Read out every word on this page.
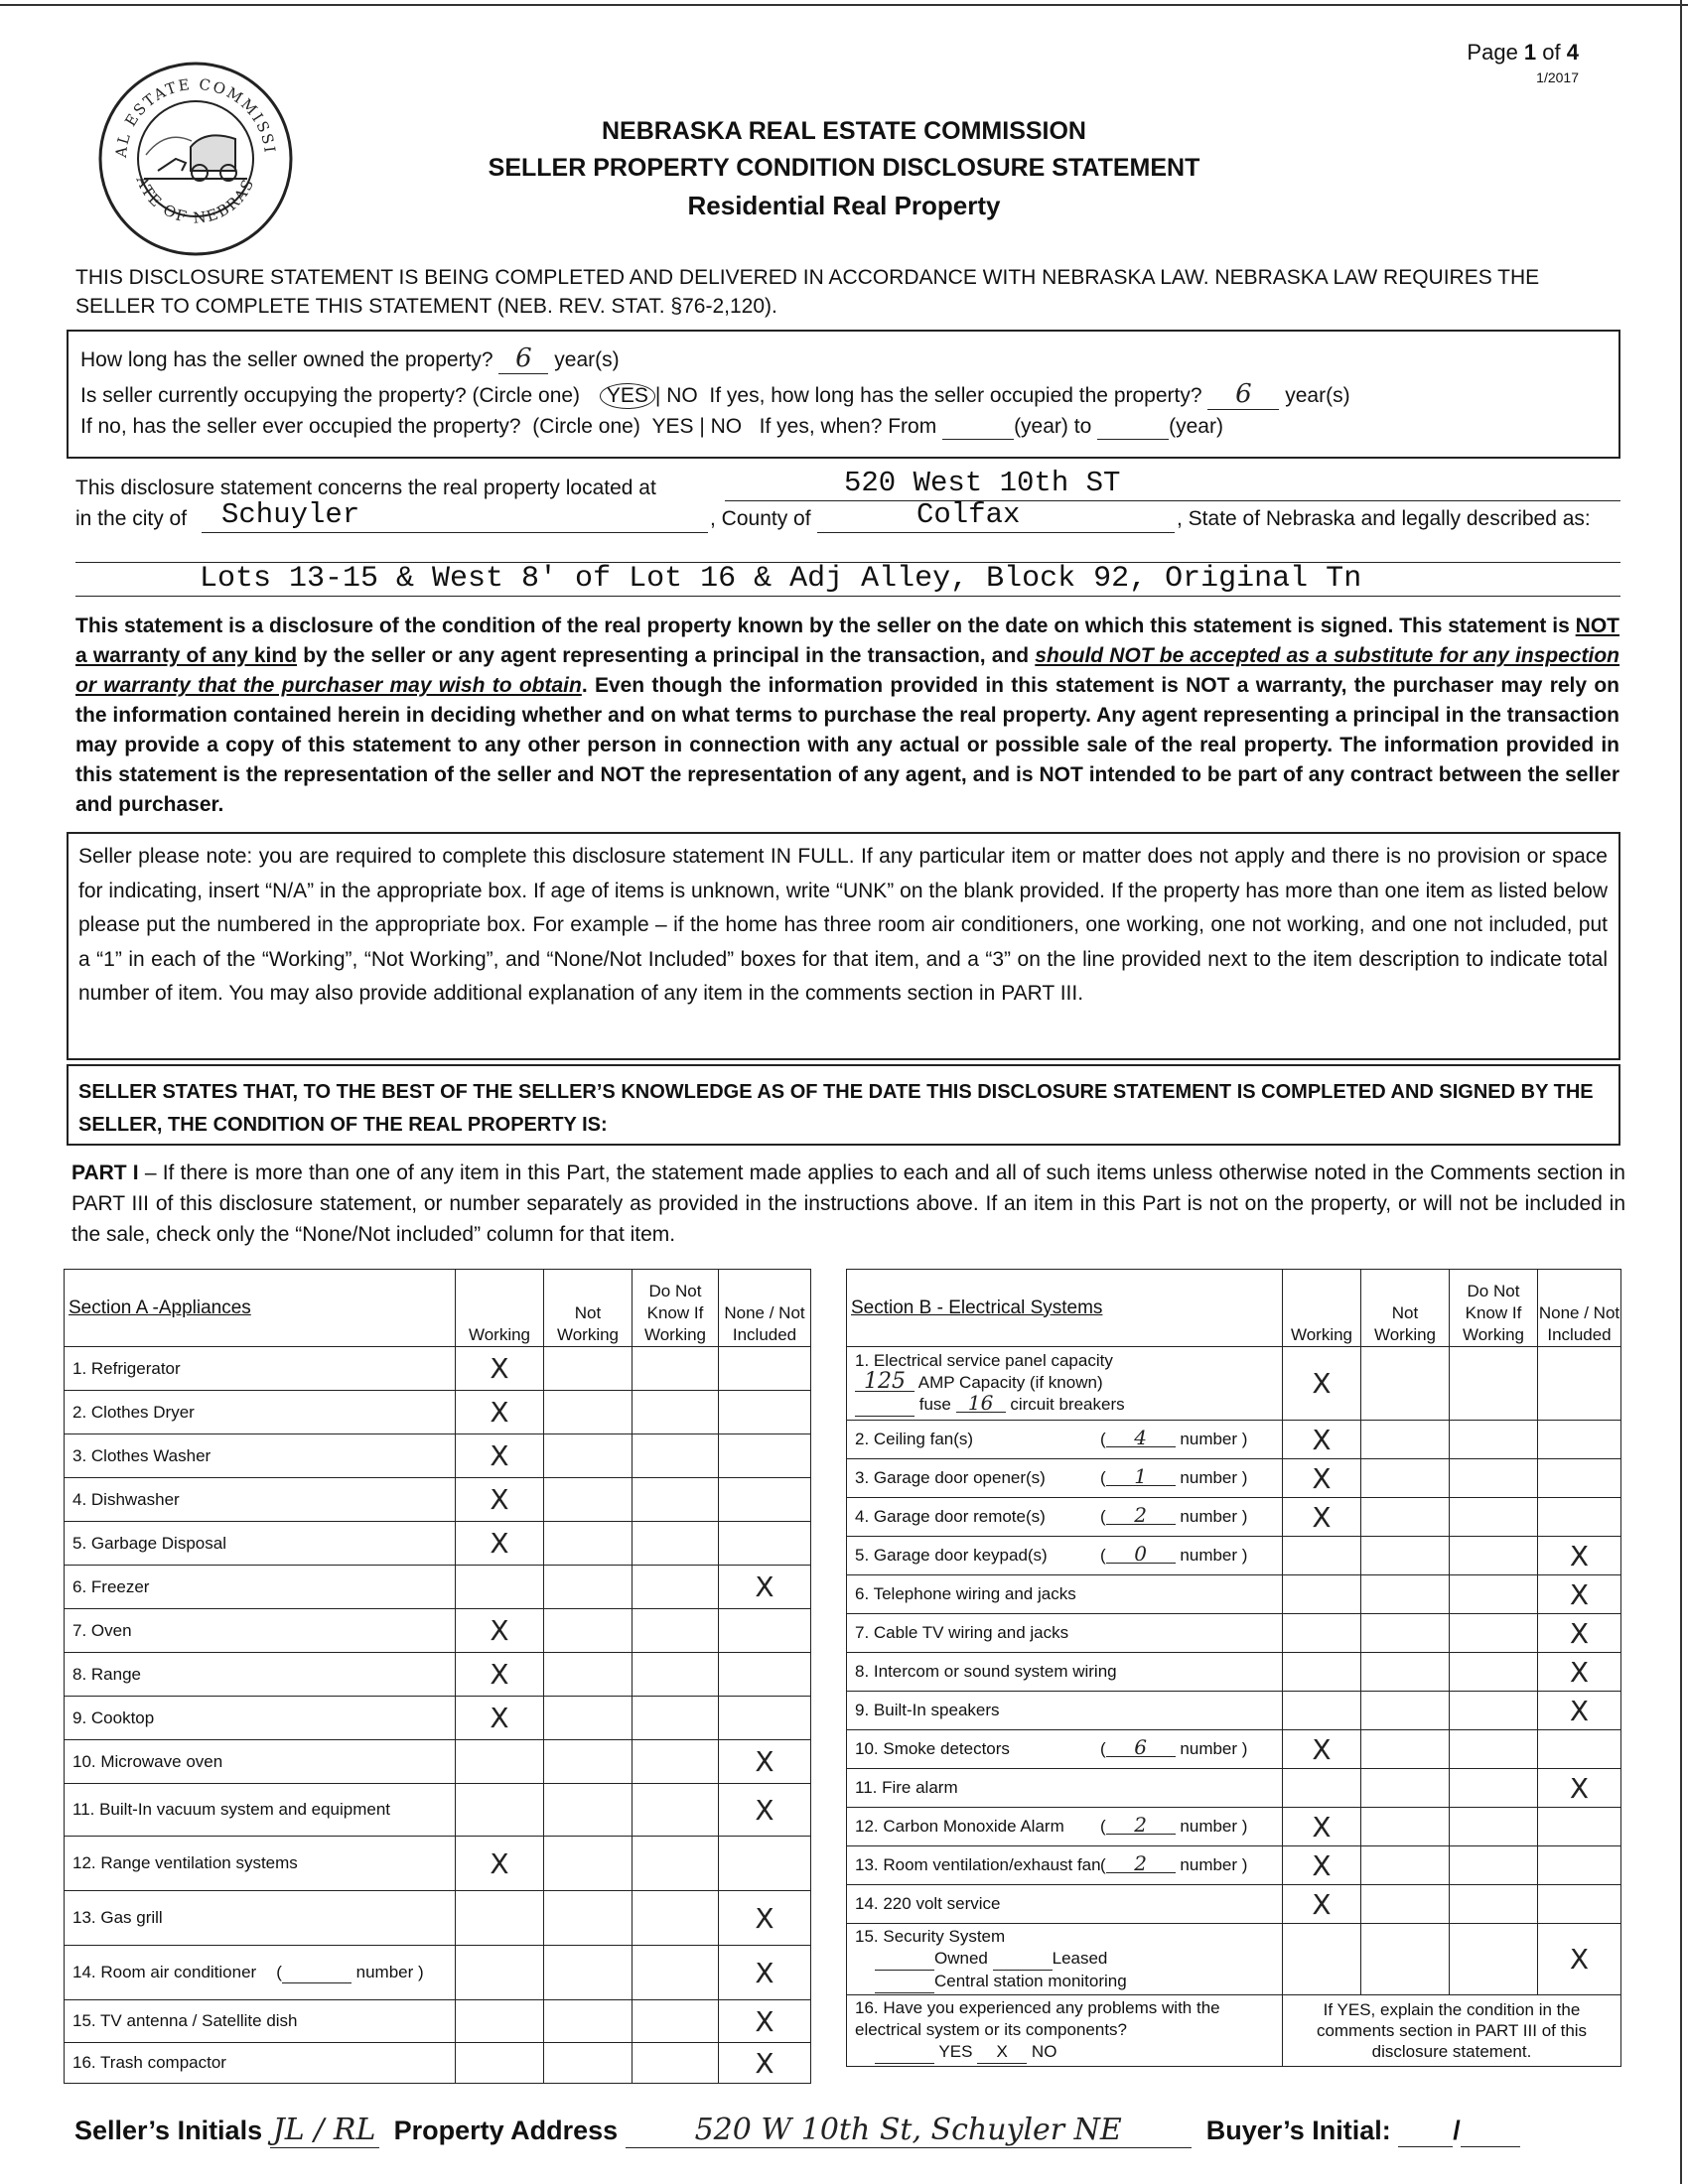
Page 1 of 4
1/2017
AL ESTATE COMMISSI
ATE OF NEBRAS
NEBRASKA REAL ESTATE COMMISSION
SELLER PROPERTY CONDITION DISCLOSURE STATEMENT
Residential Real Property
THIS DISCLOSURE STATEMENT IS BEING COMPLETED AND DELIVERED IN ACCORDANCE WITH NEBRASKA LAW. NEBRASKA LAW REQUIRES THE SELLER TO COMPLETE THIS STATEMENT (NEB. REV. STAT. §76-2,120).
How long has the seller owned the property? 6 year(s)
Is seller currently occupying the property? (Circle one) YES | NO If yes, how long has the seller occupied the property? 6 year(s)
If no, has the seller ever occupied the property? (Circle one) YES | NO If yes, when? From	(year) to	(year)
This disclosure statement concerns the real property located at	520 West 10th ST
in the city of Schuyler	, County of	Colfax	, State of Nebraska and legally described as:
Lots 13-15 & West 8' of Lot 16 & Adj Alley, Block 92, Original Tn
This statement is a disclosure of the condition of the real property known by the seller on the date on which this statement is signed. This statement is NOT a warranty of any kind by the seller or any agent representing a principal in the transaction, and should NOT be accepted as a substitute for any inspection or warranty that the purchaser may wish to obtain. Even though the information provided in this statement is NOT a warranty, the purchaser may rely on the information contained herein in deciding whether and on what terms to purchase the real property. Any agent representing a principal in the transaction may provide a copy of this statement to any other person in connection with any actual or possible sale of the real property. The information provided in this statement is the representation of the seller and NOT the representation of any agent, and is NOT intended to be part of any contract between the seller and purchaser.
Seller please note: you are required to complete this disclosure statement IN FULL. If any particular item or matter does not apply and there is no provision or space for indicating, insert “N/A” in the appropriate box. If age of items is unknown, write “UNK” on the blank provided. If the property has more than one item as listed below please put the numbered in the appropriate box. For example – if the home has three room air conditioners, one working, one not working, and one not included, put a “1” in each of the “Working”, “Not Working”, and “None/Not Included” boxes for that item, and a “3” on the line provided next to the item description to indicate total number of item. You may also provide additional explanation of any item in the comments section in PART III.
SELLER STATES THAT, TO THE BEST OF THE SELLER’S KNOWLEDGE AS OF THE DATE THIS DISCLOSURE STATEMENT IS COMPLETED AND SIGNED BY THE SELLER, THE CONDITION OF THE REAL PROPERTY IS:
PART I – If there is more than one of any item in this Part, the statement made applies to each and all of such items unless otherwise noted in the Comments section in PART III of this disclosure statement, or number separately as provided in the instructions above. If an item in this Part is not on the property, or will not be included in the sale, check only the “None/Not included” column for that item.
Section A -Appliances	Working	Not Working	Do Not Know If Working	None / Not Included
1. Refrigerator	X			
2. Clothes Dryer	X			
3. Clothes Washer	X			
4. Dishwasher	X			
5. Garbage Disposal	X			
6. Freezer				X
7. Oven	X			
8. Range	X			
9. Cooktop	X			
10. Microwave oven				X
11. Built-In vacuum system and equipment				X
12. Range ventilation systems	X			
13. Gas grill				X
14. Room air conditioner ( number )				X
15. TV antenna / Satellite dish				X
16. Trash compactor				X
Section B - Electrical Systems	Working	Not Working	Do Not Know If Working	None / Not Included

1. Electrical service panel capacity
125 AMP Capacity (if known)
fuse 16 circuit breakers	X			
2. Ceiling fan(s) ( 4 number )	X			
3. Garage door opener(s) ( 1 number )	X			
4. Garage door remote(s) ( 2 number )	X			
5. Garage door keypad(s) ( 0 number )				X
6. Telephone wiring and jacks				X
7. Cable TV wiring and jacks				X
8. Intercom or sound system wiring				X
9. Built-In speakers				X
10. Smoke detectors ( 6 number )	X			
11. Fire alarm				X
12. Carbon Monoxide Alarm ( 2 number )	X			
13. Room ventilation/exhaust fan ( 2 number )	X			
14. 220 volt service	X			

15. Security System
Owned Leased
Central station monitoring				X

16. Have you experienced any problems with the electrical system or its components?
YES X NO	If YES, explain the condition in the comments section in PART III of this disclosure statement.			
Seller’s Initials JL / RL Property Address	520 W 10th St, Schuyler NE	Buyer’s Initial: /
